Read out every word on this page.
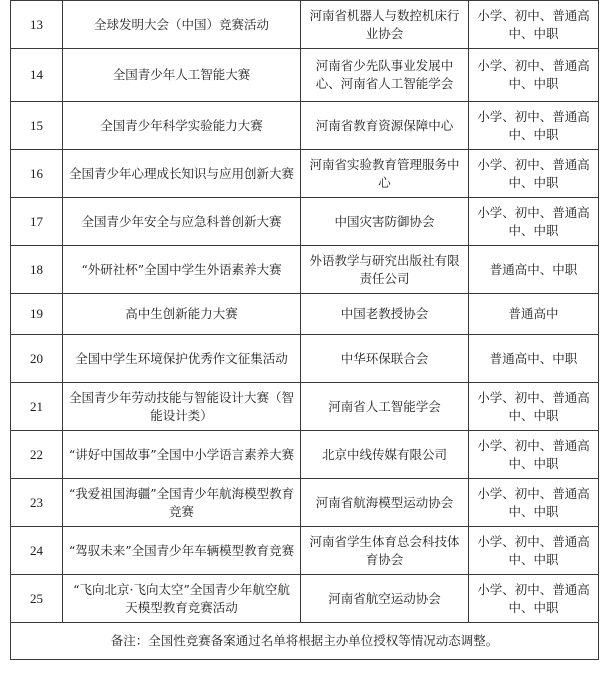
13	全球发明大会（中国）竞赛活动	河南省机器人与数控机床行业协会	小学、初中、普通高中、中职
14	全国青少年人工智能大赛	河南省少先队事业发展中心、河南省人工智能学会	小学、初中、普通高中、中职
15	全国青少年科学实验能力大赛	河南省教育资源保障中心	小学、初中、普通高中、中职
16	全国青少年心理成长知识与应用创新大赛	河南省实验教育管理服务中心	小学、初中、普通高中、中职
17	全国青少年安全与应急科普创新大赛	中国灾害防御协会	小学、初中、普通高中、中职
18	“外研社杯”全国中学生外语素养大赛	外语教学与研究出版社有限责任公司	普通高中、中职
19	高中生创新能力大赛	中国老教授协会	普通高中
20	全国中学生环境保护优秀作文征集活动	中华环保联合会	普通高中、中职
21	全国青少年劳动技能与智能设计大赛（智能设计类）	河南省人工智能学会	小学、初中、普通高中、中职
22	“讲好中国故事”全国中小学语言素养大赛	北京中线传媒有限公司	小学、初中、普通高中、中职
23	“我爱祖国海疆”全国青少年航海模型教育竞赛	河南省航海模型运动协会	小学、初中、普通高中、中职
24	“驾驭未来”全国青少年车辆模型教育竞赛	河南省学生体育总会科技体育协会	小学、初中、普通高中、中职
25	“飞向北京·飞向太空”全国青少年航空航天模型教育竞赛活动	河南省航空运动协会	小学、初中、普通高中、中职
备注：全国性竞赛备案通过名单将根据主办单位授权等情况动态调整。			
